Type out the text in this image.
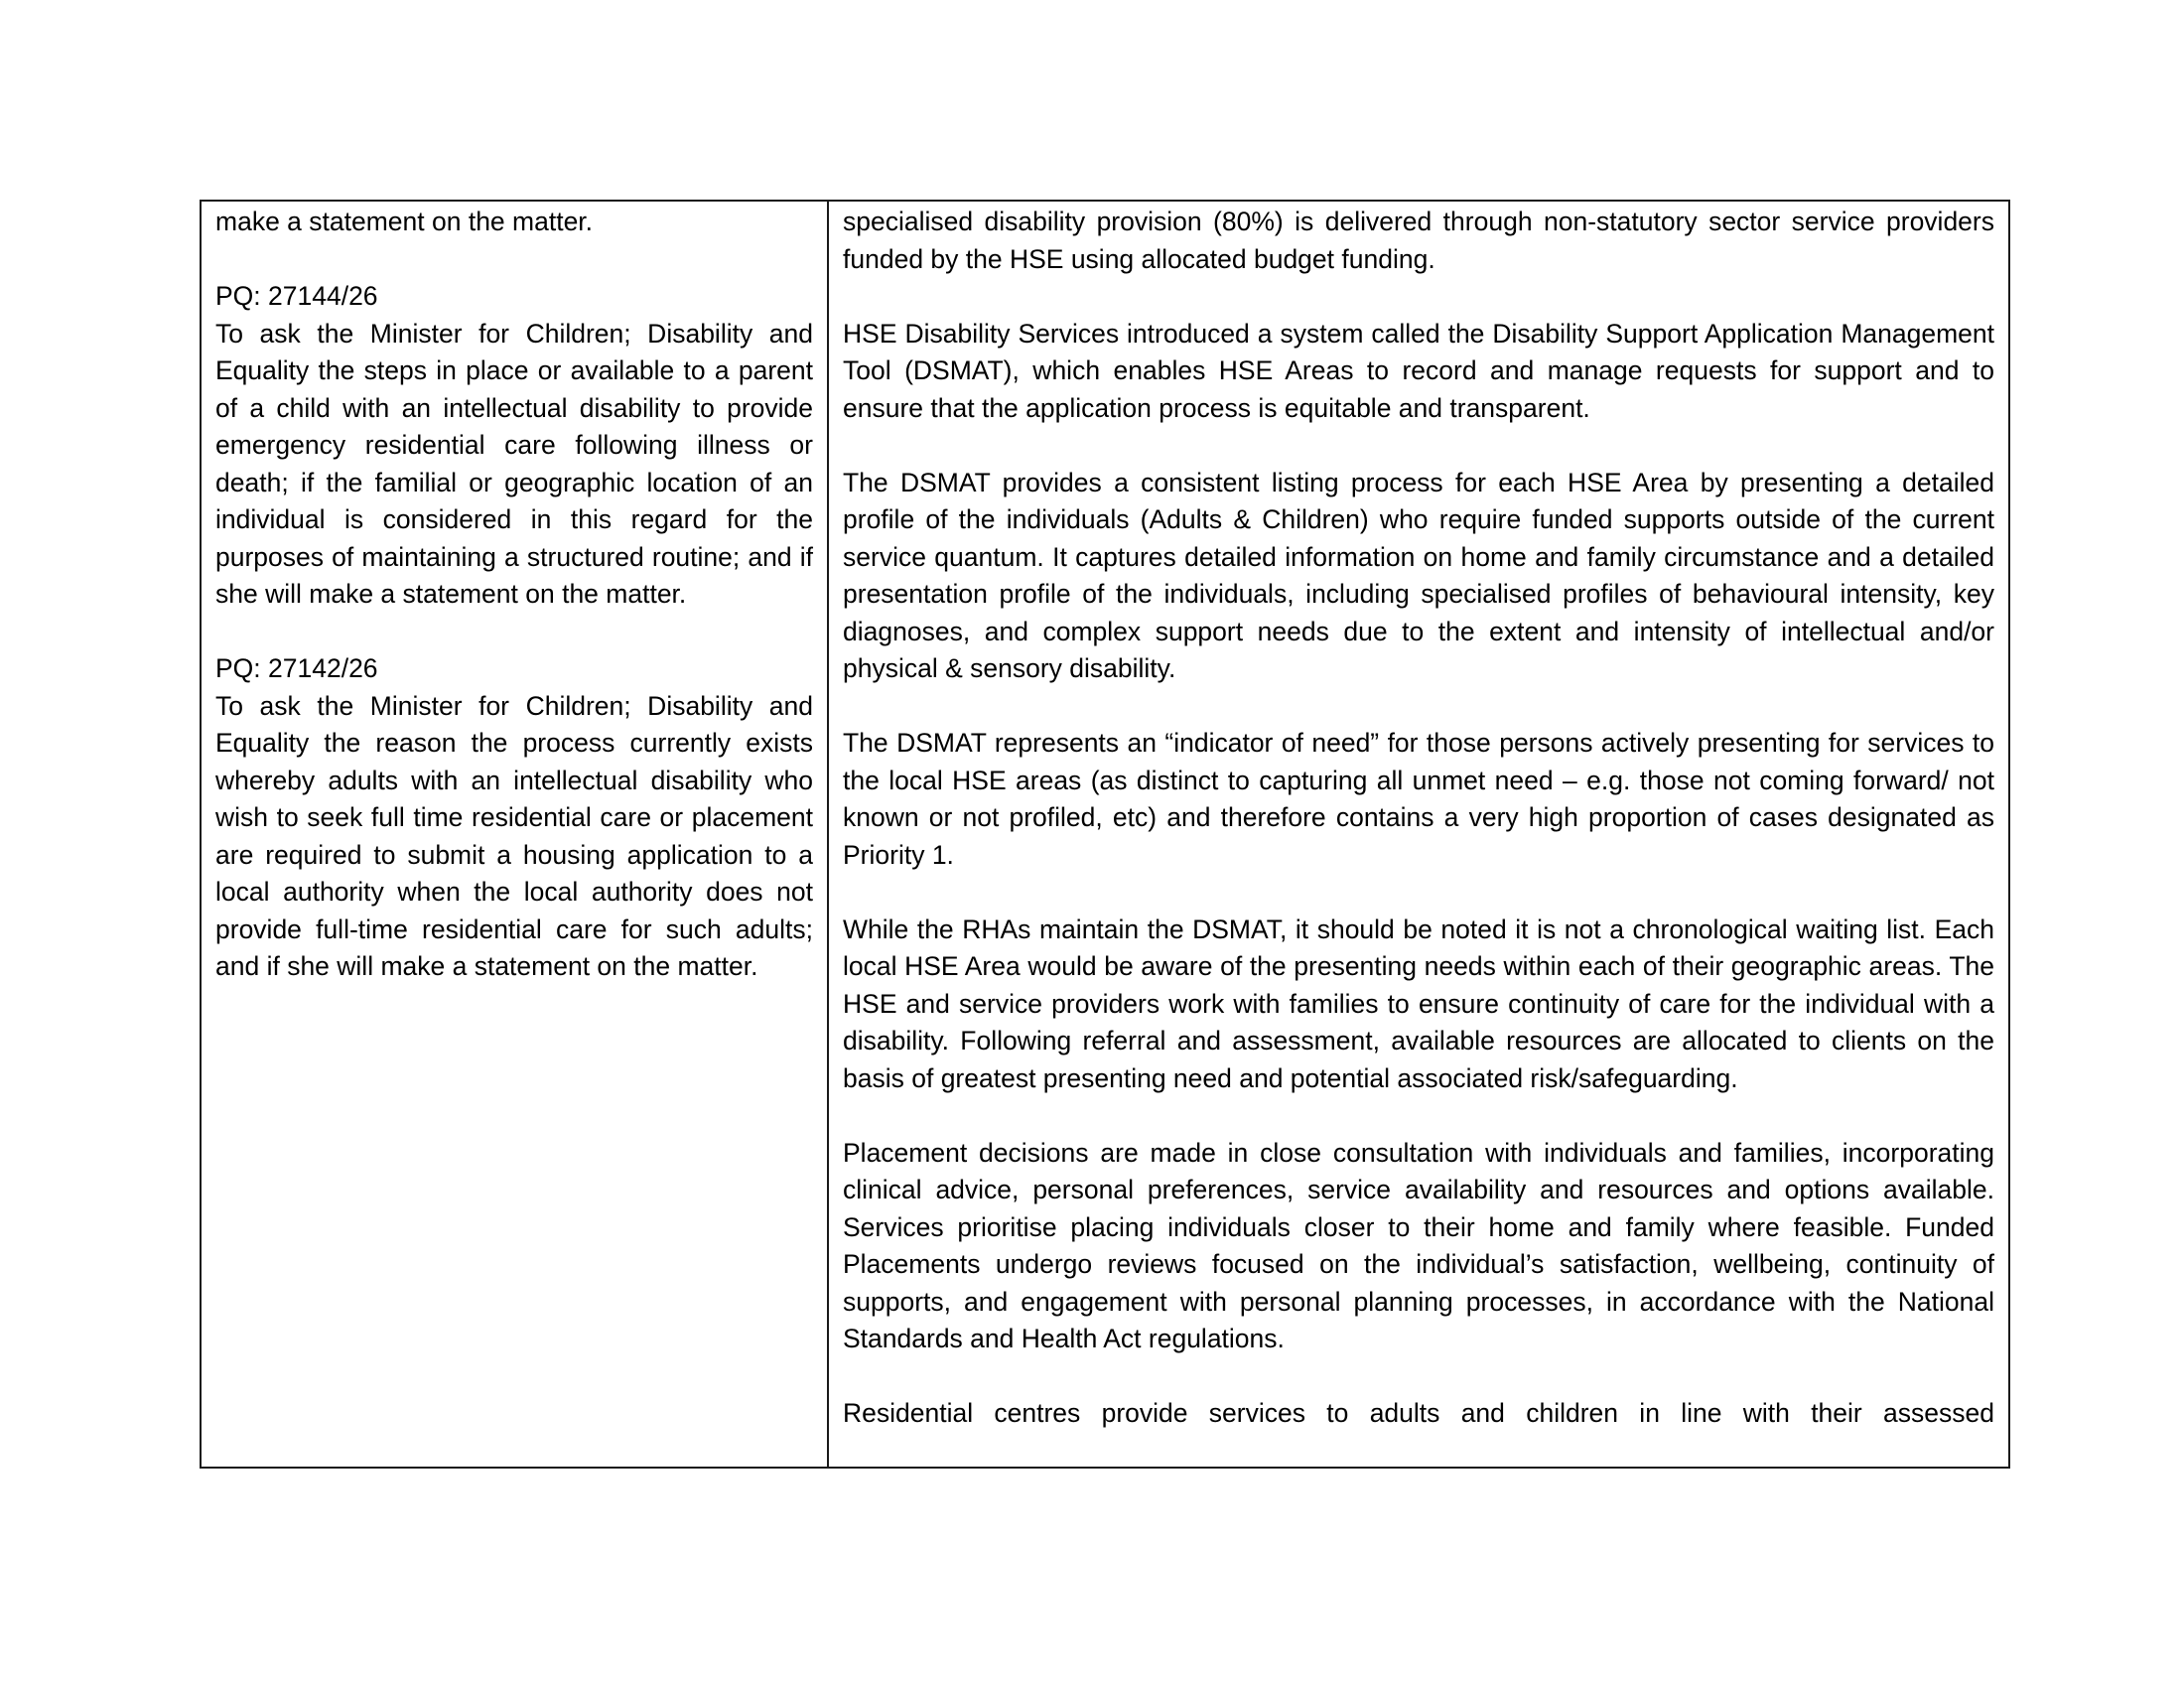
make a statement on the matter.

PQ: 27144/26

To ask the Minister for Children; Disability and Equality the steps in place or available to a parent of a child with an intellectual disability to provide emergency residential care following illness or death; if the familial or geographic location of an individual is considered in this regard for the purposes of maintaining a structured routine; and if she will make a statement on the matter.

PQ: 27142/26

To ask the Minister for Children; Disability and Equality the reason the process currently exists whereby adults with an intellectual disability who wish to seek full time residential care or placement are required to submit a housing application to a local authority when the local authority does not provide full-time residential care for such adults; and if she will make a statement on the matter.

specialised disability provision (80%) is delivered through non-statutory sector service providers funded by the HSE using allocated budget funding.

HSE Disability Services introduced a system called the Disability Support Application Management Tool (DSMAT), which enables HSE Areas to record and manage requests for support and to ensure that the application process is equitable and transparent.

The DSMAT provides a consistent listing process for each HSE Area by presenting a detailed profile of the individuals (Adults & Children) who require funded supports outside of the current service quantum. It captures detailed information on home and family circumstance and a detailed presentation profile of the individuals, including specialised profiles of behavioural intensity, key diagnoses, and complex support needs due to the extent and intensity of intellectual and/or physical & sensory disability.

The DSMAT represents an “indicator of need” for those persons actively presenting for services to the local HSE areas (as distinct to capturing all unmet need – e.g. those not coming forward/ not known or not profiled, etc) and therefore contains a very high proportion of cases designated as Priority 1.

While the RHAs maintain the DSMAT, it should be noted it is not a chronological waiting list. Each local HSE Area would be aware of the presenting needs within each of their geographic areas. The HSE and service providers work with families to ensure continuity of care for the individual with a disability. Following referral and assessment, available resources are allocated to clients on the basis of greatest presenting need and potential associated risk/safeguarding.

Placement decisions are made in close consultation with individuals and families, incorporating clinical advice, personal preferences, service availability and resources and options available. Services prioritise placing individuals closer to their home and family where feasible. Funded Placements undergo reviews focused on the individual’s satisfaction, wellbeing, continuity of supports, and engagement with personal planning processes, in accordance with the National Standards and Health Act regulations.

Residential centres provide services to adults and children in line with their assessed
